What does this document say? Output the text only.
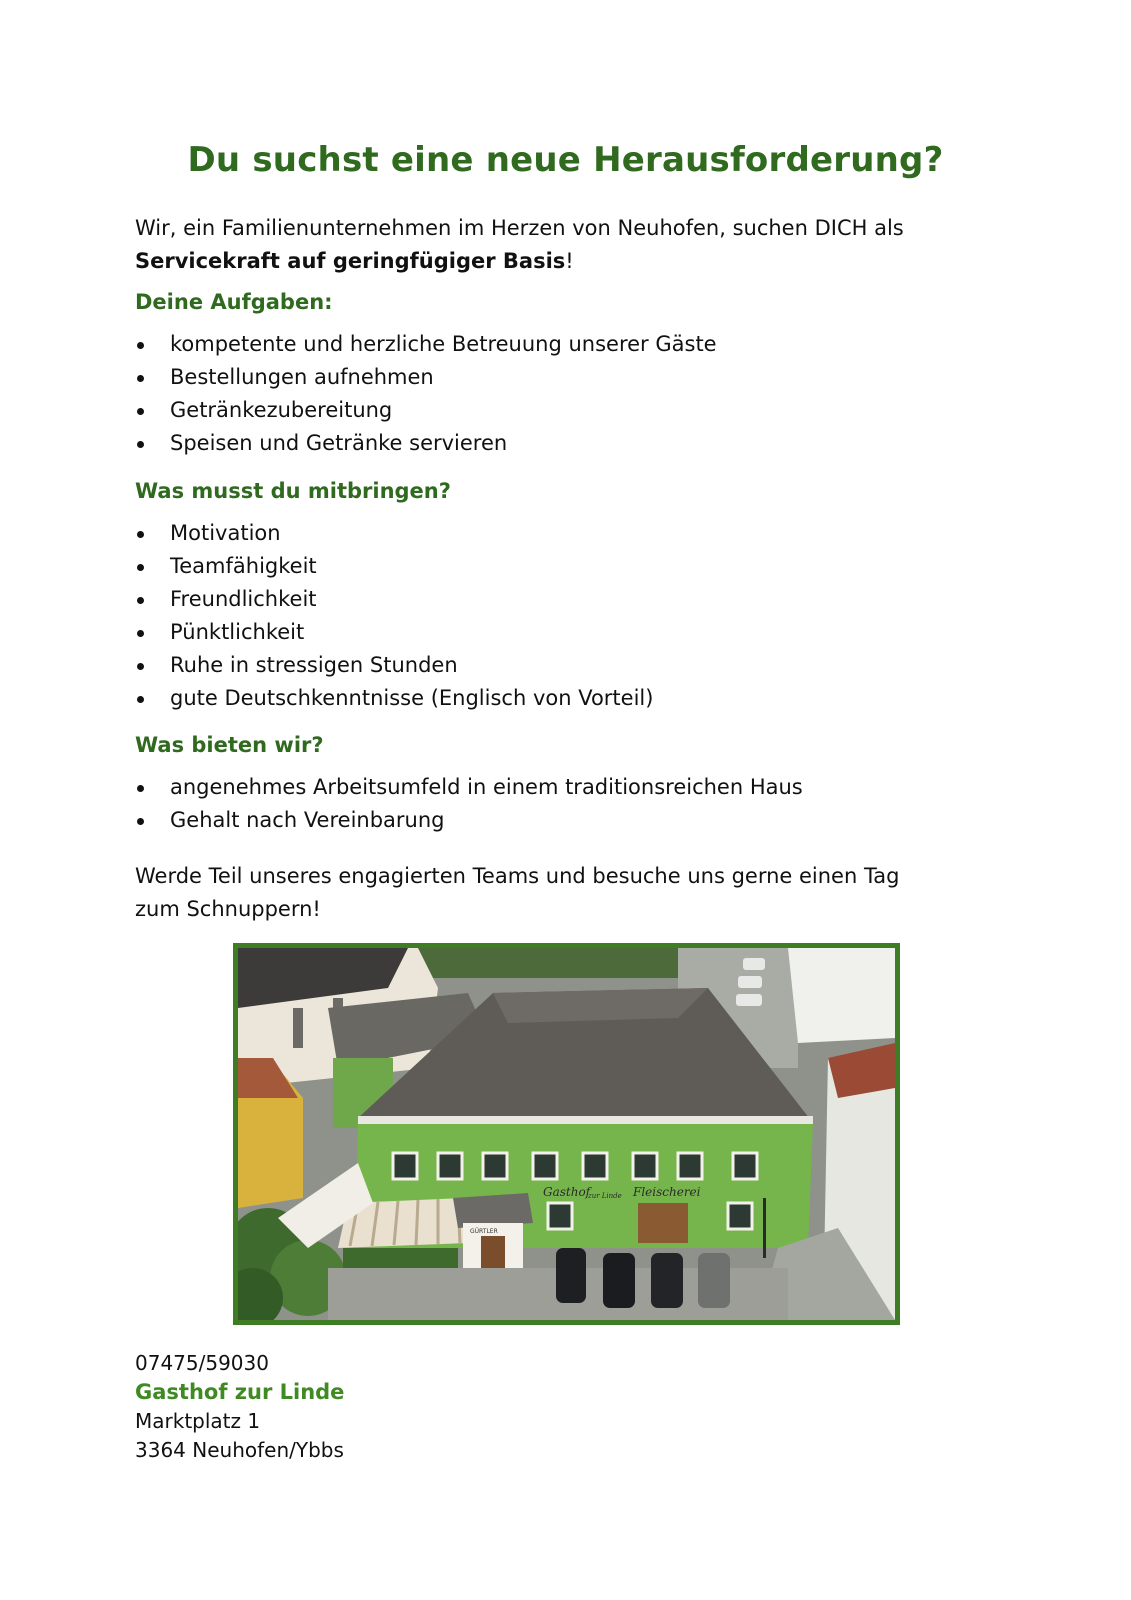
Du suchst eine neue Herausforderung?
Wir, ein Familienunternehmen im Herzen von Neuhofen, suchen DICH als
Servicekraft auf geringfügiger Basis!
Deine Aufgaben:
kompetente und herzliche Betreuung unserer Gäste
Bestellungen aufnehmen
Getränkezubereitung
Speisen und Getränke servieren
Was musst du mitbringen?
Motivation
Teamfähigkeit
Freundlichkeit
Pünktlichkeit
Ruhe in stressigen Stunden
gute Deutschkenntnisse (Englisch von Vorteil)
Was bieten wir?
angenehmes Arbeitsumfeld in einem traditionsreichen Haus
Gehalt nach Vereinbarung
Werde Teil unseres engagierten Teams und besuche uns gerne einen Tag zum Schnuppern!
Gasthof
zur Linde Fleischerei
GÜRTLER
07475/59030
Gasthof zur Linde
Marktplatz 1
3364 Neuhofen/Ybbs
